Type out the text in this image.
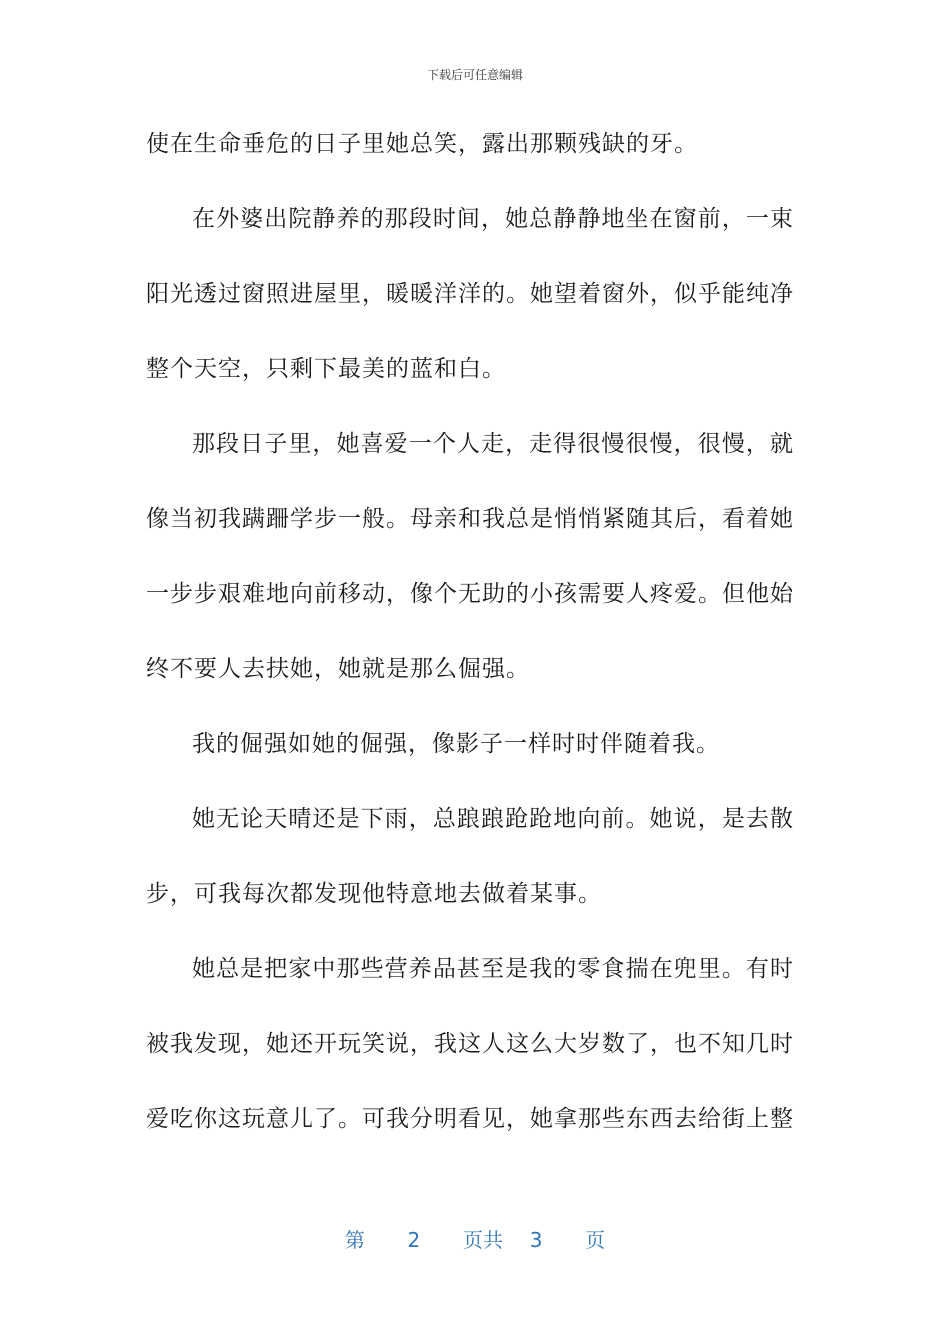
下载后可任意编辑
使在生命垂危的日子里她总笑，露出那颗残缺的牙。
在外婆出院静养的那段时间，她总静静地坐在窗前，一束
阳光透过窗照进屋里，暖暖洋洋的。她望着窗外，似乎能纯净
整个天空，只剩下最美的蓝和白。
那段日子里，她喜爱一个人走，走得很慢很慢，很慢，就
像当初我蹒跚学步一般。母亲和我总是悄悄紧随其后，看着她
一步步艰难地向前移动，像个无助的小孩需要人疼爱。但他始
终不要人去扶她，她就是那么倔强。
我的倔强如她的倔强，像影子一样时时伴随着我。
她无论天晴还是下雨，总踉踉跄跄地向前。她说，是去散
步，可我每次都发现他特意地去做着某事。
她总是把家中那些营养品甚至是我的零食揣在兜里。有时
被我发现，她还开玩笑说，我这人这么大岁数了，也不知几时
爱吃你这玩意儿了。可我分明看见，她拿那些东西去给街上整
第 2 页共 3 页
